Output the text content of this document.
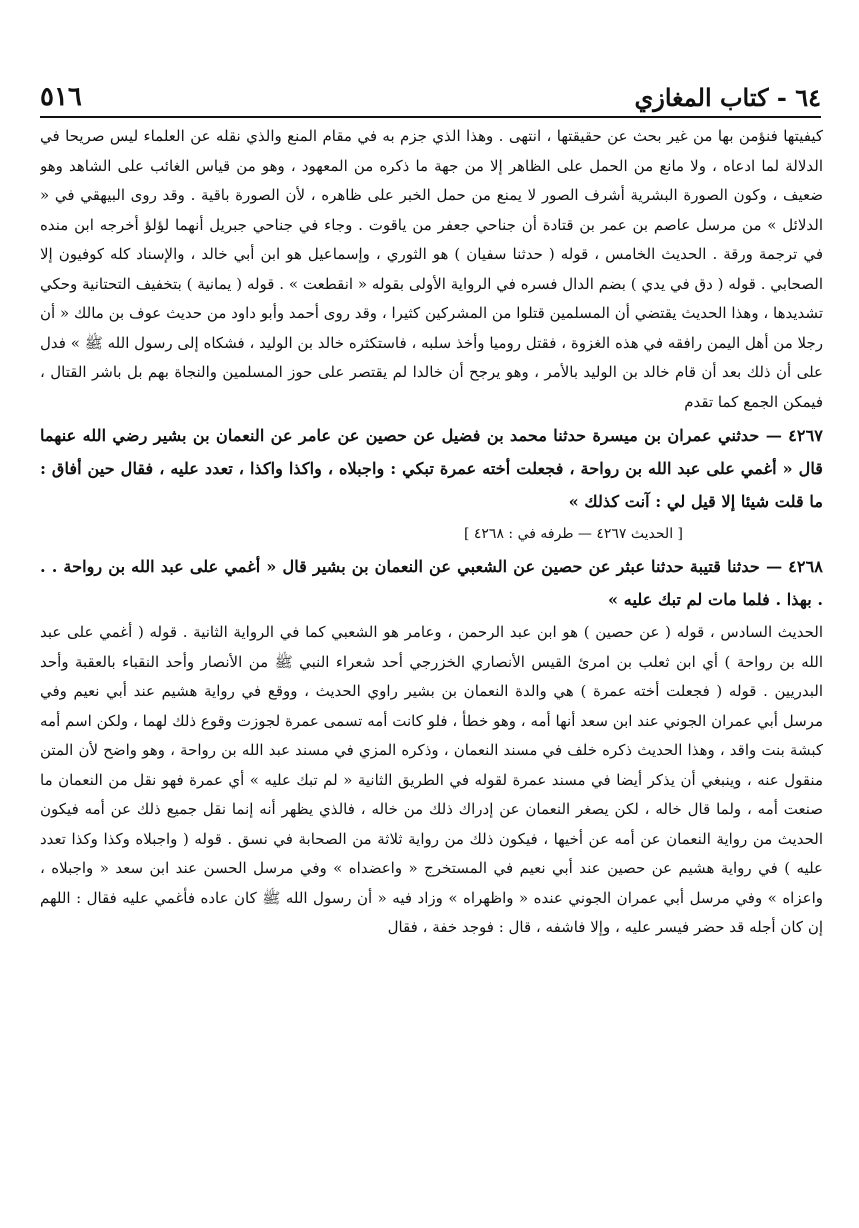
٦٤ - كتاب المغازي
٥١٦

كيفيتها فنؤمن بها من غير بحث عن حقيقتها ، انتهى . وهذا الذي جزم به في مقام المنع والذي نقله عن العلماء ليس صريحا في الدلالة لما ادعاه ، ولا مانع من الحمل على الظاهر إلا من جهة ما ذكره من المعهود ، وهو من قياس الغائب على الشاهد وهو ضعيف ، وكون الصورة البشرية أشرف الصور لا يمنع من حمل الخبر على ظاهره ، لأن الصورة باقية . وقد روى البيهقي في « الدلائل » من مرسل عاصم بن عمر بن قتادة أن جناحي جعفر من ياقوت . وجاء في جناحي جبريل أنهما لؤلؤ أخرجه ابن منده في ترجمة ورقة . الحديث الخامس ، قوله ( حدثنا سفيان ) هو الثوري ، وإسماعيل هو ابن أبي خالد ، والإسناد كله كوفيون إلا الصحابي . قوله ( دق في يدي ) بضم الدال فسره في الرواية الأولى بقوله « انقطعت » . قوله ( يمانية ) بتخفيف التحتانية وحكي تشديدها ، وهذا الحديث يقتضي أن المسلمين قتلوا من المشركين كثيرا ، وقد روى أحمد وأبو داود من حديث عوف بن مالك « أن رجلا من أهل اليمن رافقه في هذه الغزوة ، فقتل روميا وأخذ سلبه ، فاستكثره خالد بن الوليد ، فشكاه إلى رسول الله ﷺ » فدل على أن ذلك بعد أن قام خالد بن الوليد بالأمر ، وهو يرجح أن خالدا لم يقتصر على حوز المسلمين والنجاة بهم بل باشر القتال ، فيمكن الجمع كما تقدم

٤٢٦٧ — حدثني عمران بن ميسرة حدثنا محمد بن فضيل عن حصين عن عامر عن النعمان بن بشير رضي الله عنهما قال « أغمي على عبد الله بن رواحة ، فجعلت أخته عمرة تبكي : واجبلاه ، واكذا واكذا ، تعدد عليه ، فقال حين أفاق : ما قلت شيئا إلا قيل لي : آنت كذلك »

[ الحديث ٤٢٦٧ — طرفه في : ٤٢٦٨ ]

٤٢٦٨ — حدثنا قتيبة حدثنا عبثر عن حصين عن الشعبي عن النعمان بن بشير قال « أغمي على عبد الله بن رواحة . . . بهذا . فلما مات لم تبك عليه »

الحديث السادس ، قوله ( عن حصين ) هو ابن عبد الرحمن ، وعامر هو الشعبي كما في الرواية الثانية . قوله ( أغمي على عبد الله بن رواحة ) أي ابن ثعلب بن امرئ القيس الأنصاري الخزرجي أحد شعراء النبي ﷺ من الأنصار وأحد النقباء بالعقبة وأحد البدريين . قوله ( فجعلت أخته عمرة ) هي والدة النعمان بن بشير راوي الحديث ، ووقع في رواية هشيم عند أبي نعيم وفي مرسل أبي عمران الجوني عند ابن سعد أنها أمه ، وهو خطأ ، فلو كانت أمه تسمى عمرة لجوزت وقوع ذلك لهما ، ولكن اسم أمه كبشة بنت واقد ، وهذا الحديث ذكره خلف في مسند النعمان ، وذكره المزي في مسند عبد الله بن رواحة ، وهو واضح لأن المتن منقول عنه ، وينبغي أن يذكر أيضا في مسند عمرة لقوله في الطريق الثانية « لم تبك عليه » أي عمرة فهو نقل من النعمان ما صنعت أمه ، ولما قال خاله ، لكن يصغر النعمان عن إدراك ذلك من خاله ، فالذي يظهر أنه إنما نقل جميع ذلك عن أمه فيكون الحديث من رواية النعمان عن أمه عن أخيها ، فيكون ذلك من رواية ثلاثة من الصحابة في نسق . قوله ( واجبلاه وكذا وكذا تعدد عليه ) في رواية هشيم عن حصين عند أبي نعيم في المستخرج « واعضداه » وفي مرسل الحسن عند ابن سعد « واجبلاه ، واعزاه » وفي مرسل أبي عمران الجوني عنده « واظهراه » وزاد فيه « أن رسول الله ﷺ كان عاده فأغمي عليه فقال : اللهم إن كان أجله قد حضر فيسر عليه ، وإلا فاشفه ، قال : فوجد خفة ، فقال
